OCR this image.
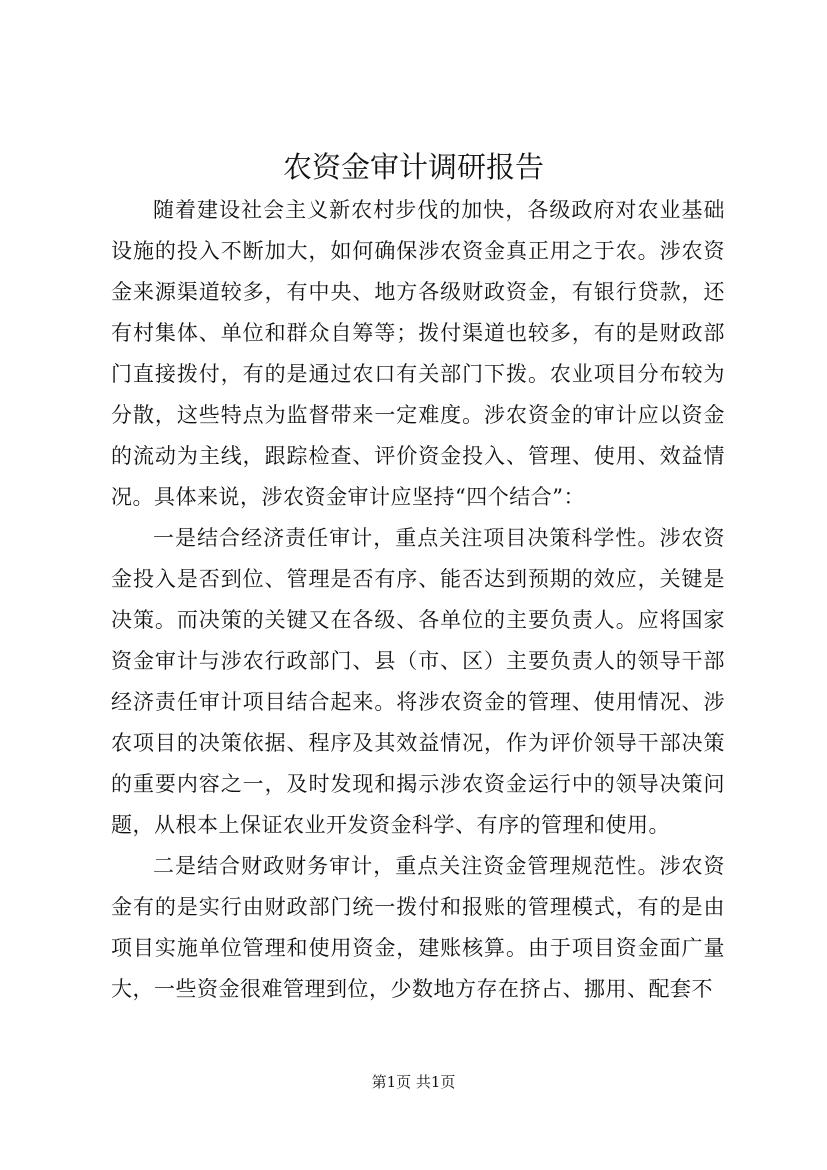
农资金审计调研报告

随着建设社会主义新农村步伐的加快，各级政府对农业基础设施的投入不断加大，如何确保涉农资金真正用之于农。涉农资金来源渠道较多，有中央、地方各级财政资金，有银行贷款，还有村集体、单位和群众自筹等；拨付渠道也较多，有的是财政部门直接拨付，有的是通过农口有关部门下拨。农业项目分布较为分散，这些特点为监督带来一定难度。涉农资金的审计应以资金的流动为主线，跟踪检查、评价资金投入、管理、使用、效益情况。具体来说，涉农资金审计应坚持“四个结合”：

一是结合经济责任审计，重点关注项目决策科学性。涉农资金投入是否到位、管理是否有序、能否达到预期的效应，关键是决策。而决策的关键又在各级、各单位的主要负责人。应将国家资金审计与涉农行政部门、县（市、区）主要负责人的领导干部经济责任审计项目结合起来。将涉农资金的管理、使用情况、涉农项目的决策依据、程序及其效益情况，作为评价领导干部决策的重要内容之一，及时发现和揭示涉农资金运行中的领导决策问题，从根本上保证农业开发资金科学、有序的管理和使用。

二是结合财政财务审计，重点关注资金管理规范性。涉农资金有的是实行由财政部门统一拨付和报账的管理模式，有的是由项目实施单位管理和使用资金，建账核算。由于项目资金面广量大，一些资金很难管理到位，少数地方存在挤占、挪用、配套不

第1页 共1页
